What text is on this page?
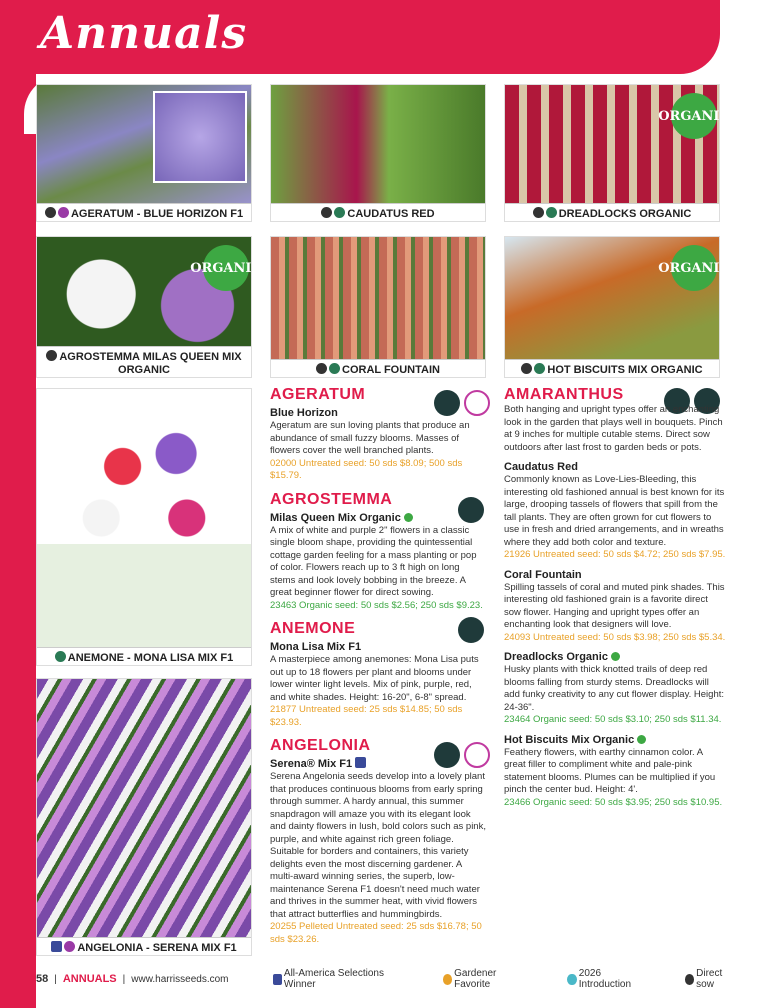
Annuals
AGERATUM - BLUE HORIZON F1	CAUDATUS RED
ORGANIC
DREADLOCKS ORGANIC
ORGANIC
AGROSTEMMA MILAS QUEEN MIX ORGANIC	CORAL FOUNTAIN
ORGANIC
HOT BISCUITS MIX ORGANIC
ANEMONE - MONA LISA MIX F1
ANGELONIA - SERENA MIX F1
AGERATUM
Blue Horizon

Ageratum are sun loving plants that produce an abundance of small fuzzy blooms. Masses of flowers cover the well branched plants.

02000 Untreated seed: 50 sds $8.09; 500 sds $15.79.

AGROSTEMMA
Milas Queen Mix Organic

A mix of white and purple 2" flowers in a classic single bloom shape, providing the quintessential cottage garden feeling for a mass planting or pop of color. Flowers reach up to 3 ft high on long stems and look lovely bobbing in the breeze. A great beginner flower for direct sowing.

23463 Organic seed: 50 sds $2.56; 250 sds $9.23.

ANEMONE
Mona Lisa Mix F1

A masterpiece among anemones: Mona Lisa puts out up to 18 flowers per plant and blooms under lower winter light levels. Mix of pink, purple, red, and white shades. Height: 16-20", 6-8" spread.

21877 Untreated seed: 25 sds $14.85; 50 sds $23.93.

ANGELONIA
Serena® Mix F1

Serena Angelonia seeds develop into a lovely plant that produces continuous blooms from early spring through summer. A hardy annual, this summer snapdragon will amaze you with its elegant look and dainty flowers in lush, bold colors such as pink, purple, and white against rich green foliage. Suitable for borders and containers, this variety delights even the most discerning gardener. A multi-award winning series, the superb, low-maintenance Serena F1 doesn't need much water and thrives in the summer heat, with vivid flowers that attract butterflies and hummingbirds.

20255 Pelleted Untreated seed: 25 sds $16.78; 50 sds $23.26.

AMARANTHUS

Both hanging and upright types offer an enchanting look in the garden that plays well in bouquets. Pinch at 9 inches for multiple cutable stems. Direct sow outdoors after last frost to garden beds or pots.

Caudatus Red

Commonly known as Love-Lies-Bleeding, this interesting old fashioned annual is best known for its large, drooping tassels of flowers that spill from the tall plants. They are often grown for cut flowers to use in fresh and dried arrangements, and in wreaths where they add both color and texture.

21926 Untreated seed: 50 sds $4.72; 250 sds $7.95.

Coral Fountain

Spilling tassels of coral and muted pink shades. This interesting old fashioned grain is a favorite direct sow flower. Hanging and upright types offer an enchanting look that designers will love.

24093 Untreated seed: 50 sds $3.98; 250 sds $5.34.

Dreadlocks Organic

Husky plants with thick knotted trails of deep red blooms falling from sturdy stems. Dreadlocks will add funky creativity to any cut flower display. Height: 24-36".

23464 Organic seed: 50 sds $3.10; 250 sds $11.34.

Hot Biscuits Mix Organic

Feathery flowers, with earthy cinnamon color. A great filler to compliment white and pale-pink statement blooms. Plumes can be multiplied if you pinch the center bud. Height: 4'.

23466 Organic seed: 50 sds $3.95; 250 sds $10.95.

58 | ANNUALS | www.harrisseeds.com	All-America Selections Winner
Gardener Favorite
2026 Introduction
Direct sow
